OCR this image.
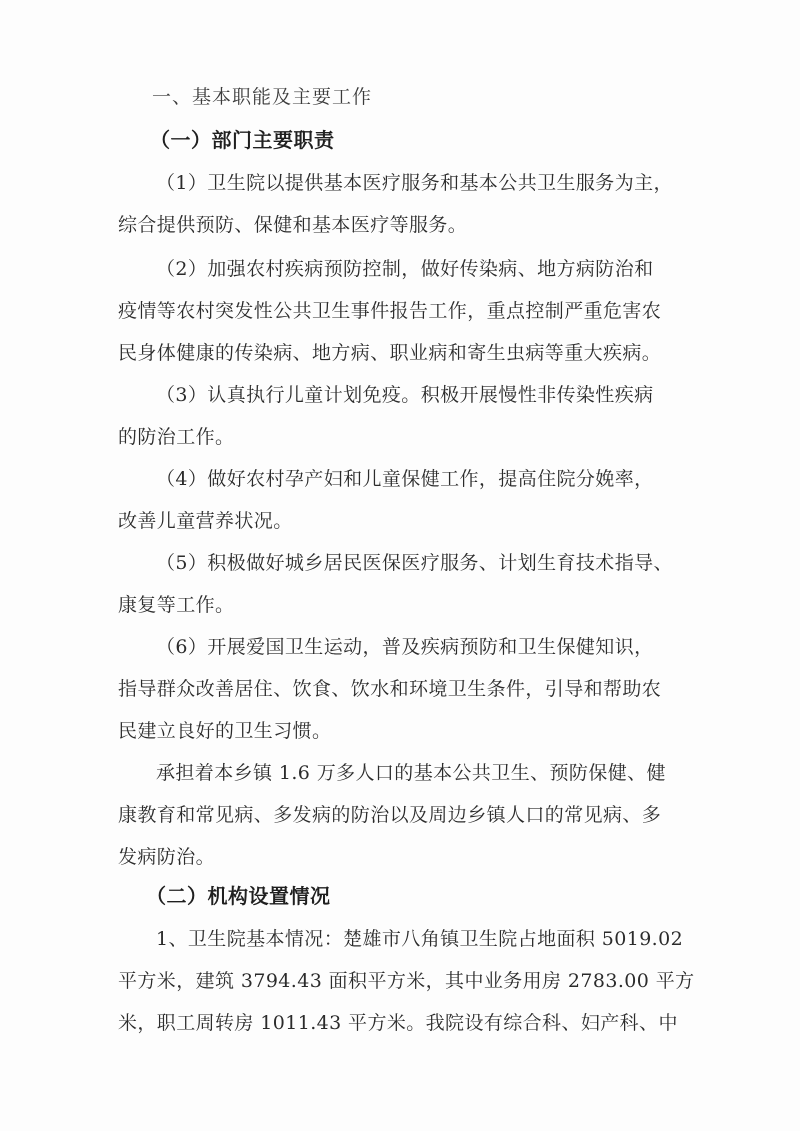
一、基本职能及主要工作
（一）部门主要职责

（1）卫生院以提供基本医疗服务和基本公共卫生服务为主，

综合提供预防、保健和基本医疗等服务。

（2）加强农村疾病预防控制，做好传染病、地方病防治和

疫情等农村突发性公共卫生事件报告工作，重点控制严重危害农

民身体健康的传染病、地方病、职业病和寄生虫病等重大疾病。

（3）认真执行儿童计划免疫。积极开展慢性非传染性疾病

的防治工作。

（4）做好农村孕产妇和儿童保健工作，提高住院分娩率，

改善儿童营养状况。

（5）积极做好城乡居民医保医疗服务、计划生育技术指导、

康复等工作。

（6）开展爱国卫生运动，普及疾病预防和卫生保健知识，

指导群众改善居住、饮食、饮水和环境卫生条件，引导和帮助农

民建立良好的卫生习惯。

承担着本乡镇 1.6 万多人口的基本公共卫生、预防保健、健

康教育和常见病、多发病的防治以及周边乡镇人口的常见病、多

发病防治。

（二）机构设置情况

1、卫生院基本情况：楚雄市八角镇卫生院占地面积 5019.02

平方米，建筑 3794.43 面积平方米，其中业务用房 2783.00 平方

米，职工周转房 1011.43 平方米。我院设有综合科、妇产科、中
